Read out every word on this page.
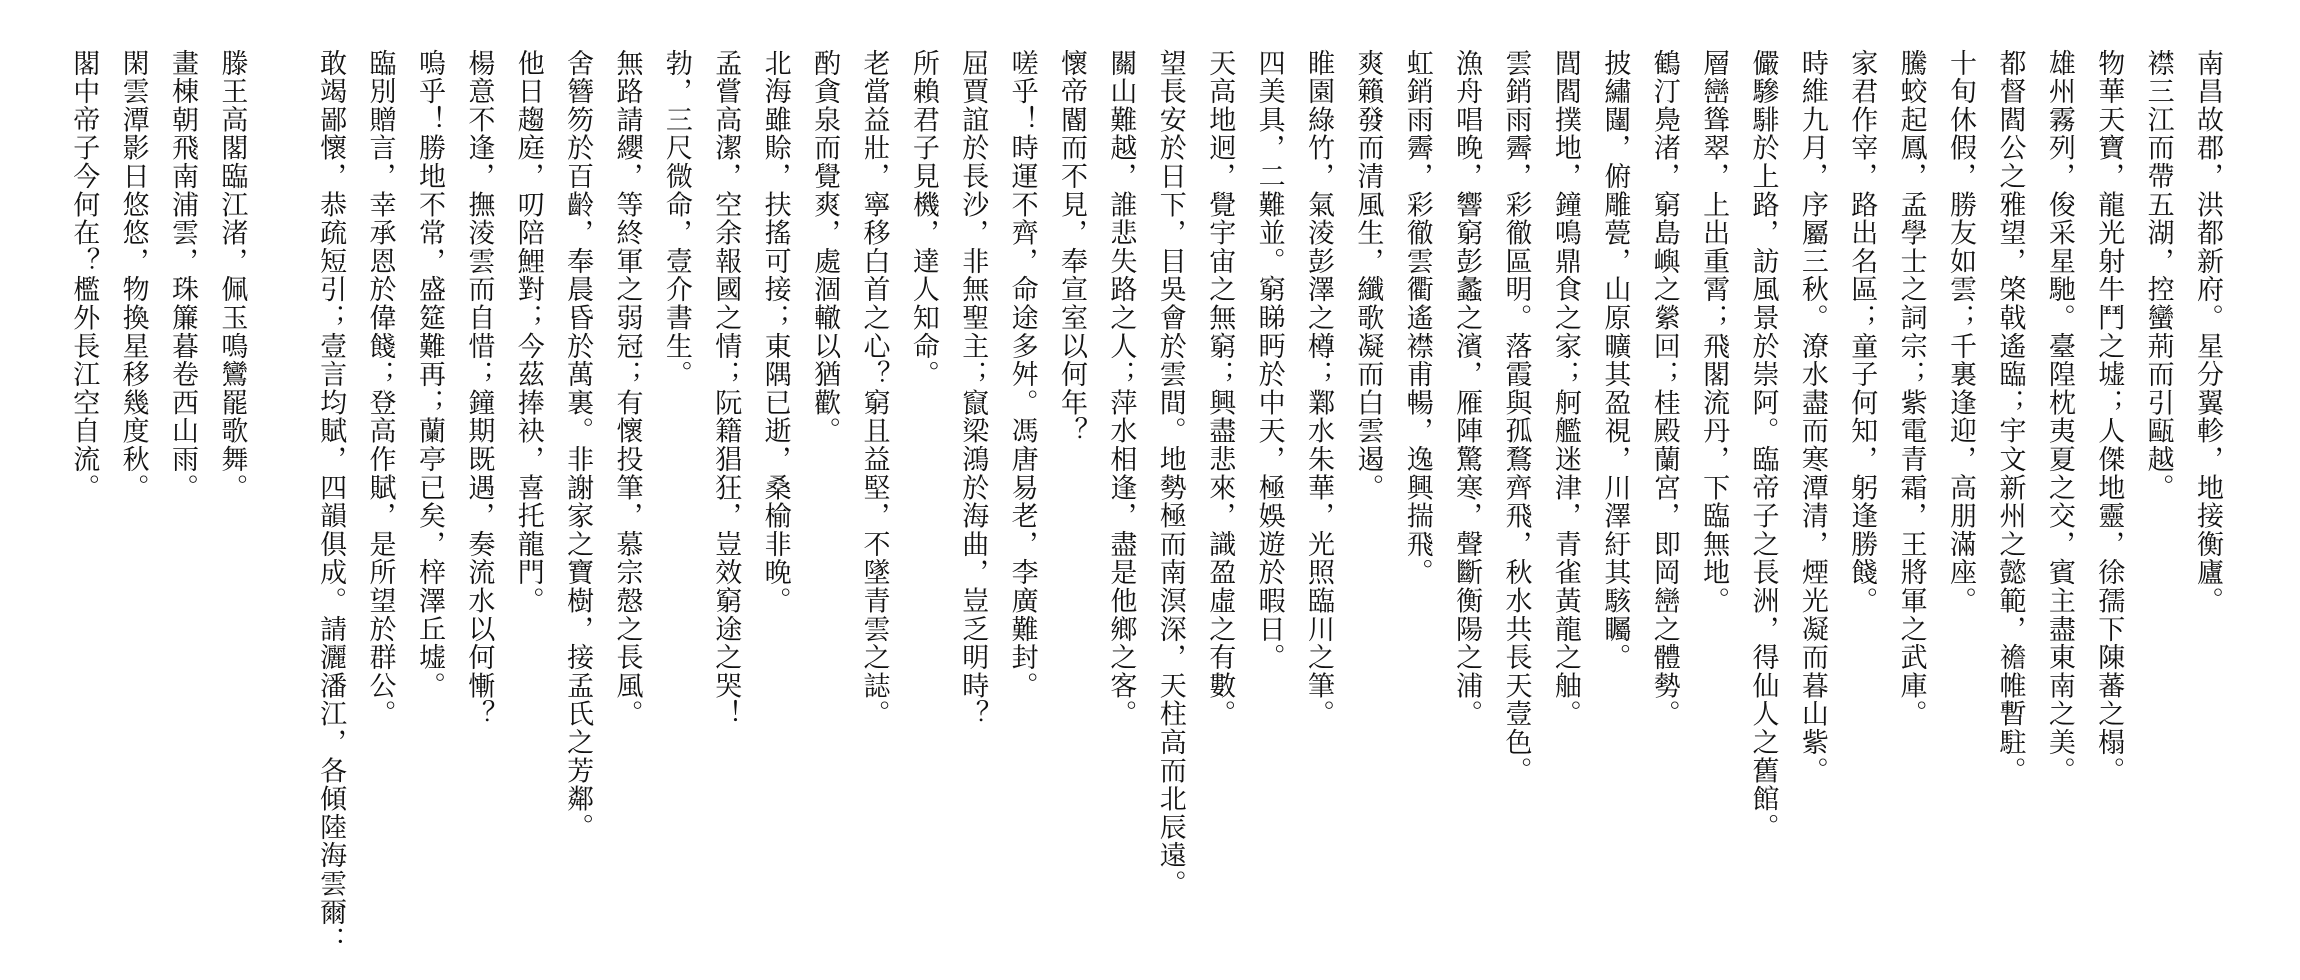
南昌故郡，洪都新府。星分翼軫，地接衡廬。
襟三江而帶五湖，控蠻荊而引甌越。
物華天寶，龍光射牛鬥之墟；人傑地靈，徐孺下陳蕃之榻。
雄州霧列，俊采星馳。臺隍枕夷夏之交，賓主盡東南之美。
都督閻公之雅望，棨戟遙臨；宇文新州之懿範，襜帷暫駐。
十旬休假，勝友如雲；千裏逢迎，高朋滿座。
騰蛟起鳳，孟學士之詞宗；紫電青霜，王將軍之武庫。
家君作宰，路出名區；童子何知，躬逢勝餞。
時維九月，序屬三秋。潦水盡而寒潭清，煙光凝而暮山紫。
儼驂騑於上路，訪風景於崇阿。臨帝子之長洲，得仙人之舊館。
層巒聳翠，上出重霄；飛閣流丹，下臨無地。
鶴汀鳧渚，窮島嶼之縈回；桂殿蘭宮，即岡巒之體勢。
披繡闥，俯雕甍，山原曠其盈視，川澤紆其駭矚。
閭閻撲地，鐘鳴鼎食之家；舸艦迷津，青雀黃龍之舳。
雲銷雨霽，彩徹區明。落霞與孤鶩齊飛，秋水共長天壹色。
漁舟唱晚，響窮彭蠡之濱，雁陣驚寒，聲斷衡陽之浦。
虹銷雨霽，彩徹雲衢遙襟甫暢，逸興揣飛。
爽籟發而清風生，纖歌凝而白雲遏。
睢園綠竹，氣淩彭澤之樽；鄴水朱華，光照臨川之筆。
四美具，二難並。窮睇眄於中天，極娛遊於暇日。
天高地迥，覺宇宙之無窮；興盡悲來，識盈虛之有數。
望長安於日下，目吳會於雲間。地勢極而南溟深，天柱高而北辰遠。
關山難越，誰悲失路之人；萍水相逢，盡是他鄉之客。
懷帝閽而不見，奉宣室以何年？
嗟乎！時運不齊，命途多舛。馮唐易老，李廣難封。
屈賈誼於長沙，非無聖主；竄梁鴻於海曲，豈乏明時？
所賴君子見機，達人知命。
老當益壯，寧移白首之心？窮且益堅，不墜青雲之誌。
酌貪泉而覺爽，處涸轍以猶歡。
北海雖賒，扶搖可接；東隅已逝，桑榆非晚。
孟嘗高潔，空余報國之情；阮籍猖狂，豈效窮途之哭！
勃，三尺微命，壹介書生。
無路請纓，等終軍之弱冠；有懷投筆，慕宗慤之長風。
舍簪笏於百齡，奉晨昏於萬裏。非謝家之寶樹，接孟氏之芳鄰。
他日趨庭，叨陪鯉對；今茲捧袂，喜托龍門。
楊意不逢，撫淩雲而自惜；鐘期既遇，奏流水以何慚？
嗚乎！勝地不常，盛筵難再；蘭亭已矣，梓澤丘墟。
臨別贈言，幸承恩於偉餞；登高作賦，是所望於群公。
敢竭鄙懷，恭疏短引；壹言均賦，四韻俱成。請灑潘江，各傾陸海雲爾：
滕王高閣臨江渚，佩玉鳴鸞罷歌舞。
畫棟朝飛南浦雲，珠簾暮卷西山雨。
閑雲潭影日悠悠，物換星移幾度秋。
閣中帝子今何在？檻外長江空自流。
